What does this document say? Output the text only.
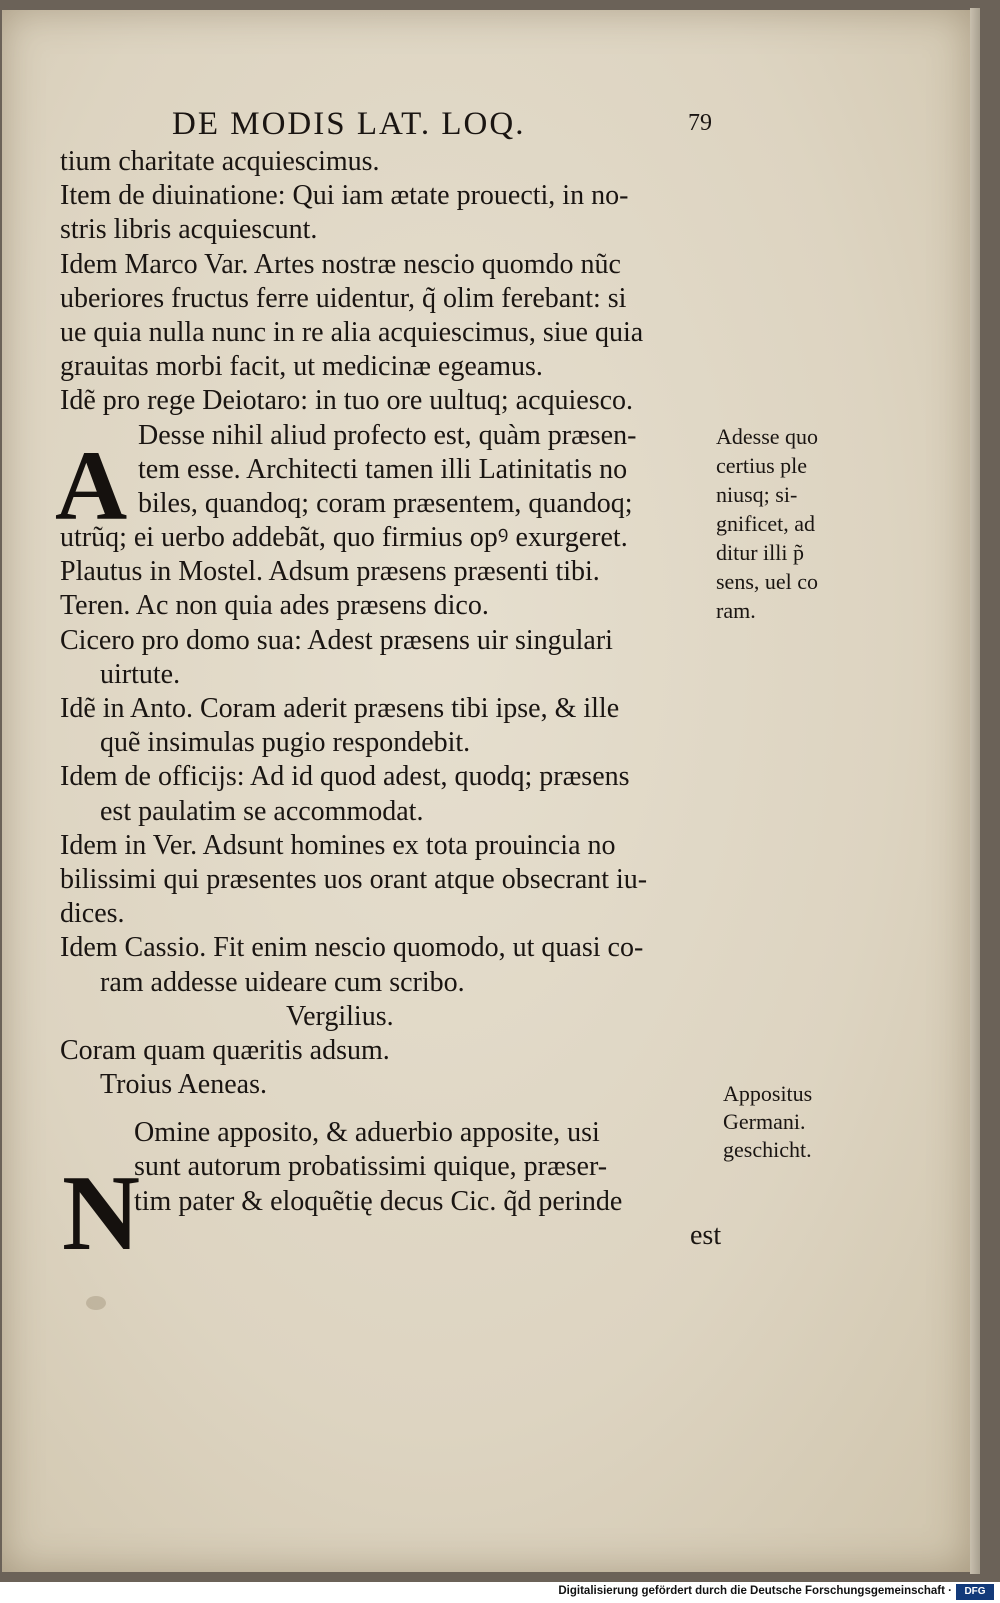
DE MODIS LAT. LOQ.	79
A
N
tium charitate acquiescimus.
Item de diuinatione: Qui iam ætate prouecti, in no-
stris libris acquiescunt.
Idem Marco Var. Artes nostræ nescio quomdo nũc
uberiores fructus ferre uidentur, q̃ olim ferebant: si
ue quia nulla nunc in re alia acquiescimus, siue quia
grauitas morbi facit, ut medicinæ egeamus.
Idẽ pro rege Deiotaro: in tuo ore uultuq; acquiesco.
Desse nihil aliud profecto est, quàm præsen-
tem esse. Architecti tamen illi Latinitatis no
biles, quandoq; coram præsentem, quandoq;
utrũq; ei uerbo addebãt, quo firmius opꝰ exurgeret.
Plautus in Mostel. Adsum præsens præsenti tibi.
Teren. Ac non quia ades præsens dico.
Cicero pro domo sua: Adest præsens uir singulari
uirtute.
Idẽ in Anto. Coram aderit præsens tibi ipse, & ille
quẽ insimulas pugio respondebit.
Idem de officijs: Ad id quod adest, quodq; præsens
est paulatim se accommodat.
Idem in Ver. Adsunt homines ex tota prouincia no
bilissimi qui præsentes uos orant atque obsecrant iu-
dices.
Idem Cassio. Fit enim nescio quomodo, ut quasi co-
ram addesse uideare cum scribo.
Vergilius.
Coram quam quæritis adsum.
Troius Aeneas.
Omine apposito, & aduerbio apposite, usi
sunt autorum probatissimi quique, præser-
tim pater & eloquẽtię decus Cic. q̃d perinde
est
Adesse quo
certius ple
niusq; si-
gnificet, ad
ditur illi p̃
sens, uel co
ram.
Appositus
Germani.
geschicht.
Digitalisierung gefördert durch die Deutsche Forschungsgemeinschaft ·	DFG
